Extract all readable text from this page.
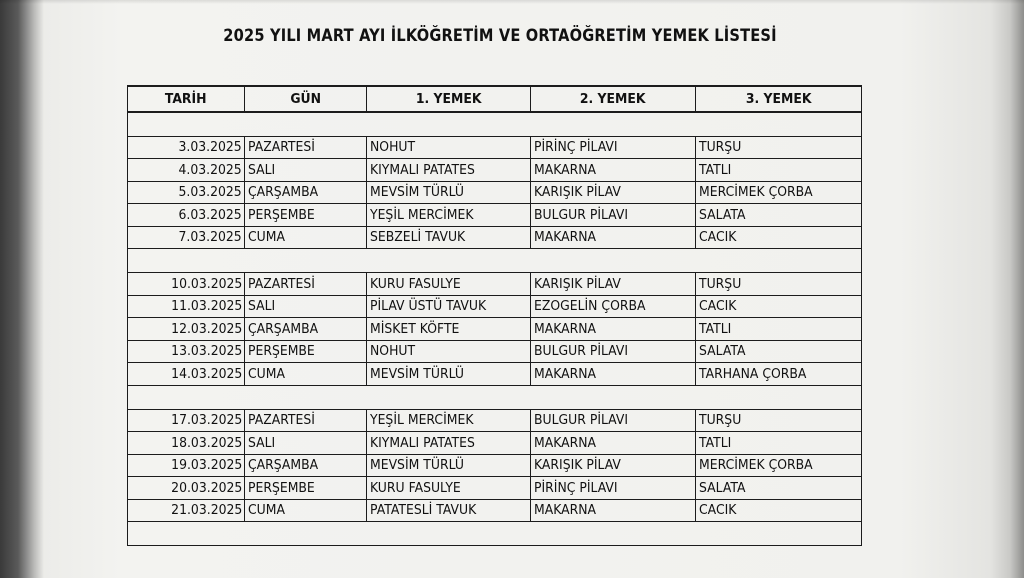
2025 YILI MART AYI İLKÖĞRETİM VE ORTAÖĞRETİM YEMEK LİSTESİ
TARİH	GÜN	1. YEMEK	2. YEMEK	3. YEMEK

3.03.2025	PAZARTESİ	NOHUT	PİRİNÇ PİLAVI	TURŞU
4.03.2025	SALI	KIYMALI PATATES	MAKARNA	TATLI
5.03.2025	ÇARŞAMBA	MEVSİM TÜRLÜ	KARIŞIK PİLAV	MERCİMEK ÇORBA
6.03.2025	PERŞEMBE	YEŞİL MERCİMEK	BULGUR PİLAVI	SALATA
7.03.2025	CUMA	SEBZELİ TAVUK	MAKARNA	CACIK

10.03.2025	PAZARTESİ	KURU FASULYE	KARIŞIK PİLAV	TURŞU
11.03.2025	SALI	PİLAV ÜSTÜ TAVUK	EZOGELİN ÇORBA	CACIK
12.03.2025	ÇARŞAMBA	MİSKET KÖFTE	MAKARNA	TATLI
13.03.2025	PERŞEMBE	NOHUT	BULGUR PİLAVI	SALATA
14.03.2025	CUMA	MEVSİM TÜRLÜ	MAKARNA	TARHANA ÇORBA

17.03.2025	PAZARTESİ	YEŞİL MERCİMEK	BULGUR PİLAVI	TURŞU
18.03.2025	SALI	KIYMALI PATATES	MAKARNA	TATLI
19.03.2025	ÇARŞAMBA	MEVSİM TÜRLÜ	KARIŞIK PİLAV	MERCİMEK ÇORBA
20.03.2025	PERŞEMBE	KURU FASULYE	PİRİNÇ PİLAVI	SALATA
21.03.2025	CUMA	PATATESLİ TAVUK	MAKARNA	CACIK
